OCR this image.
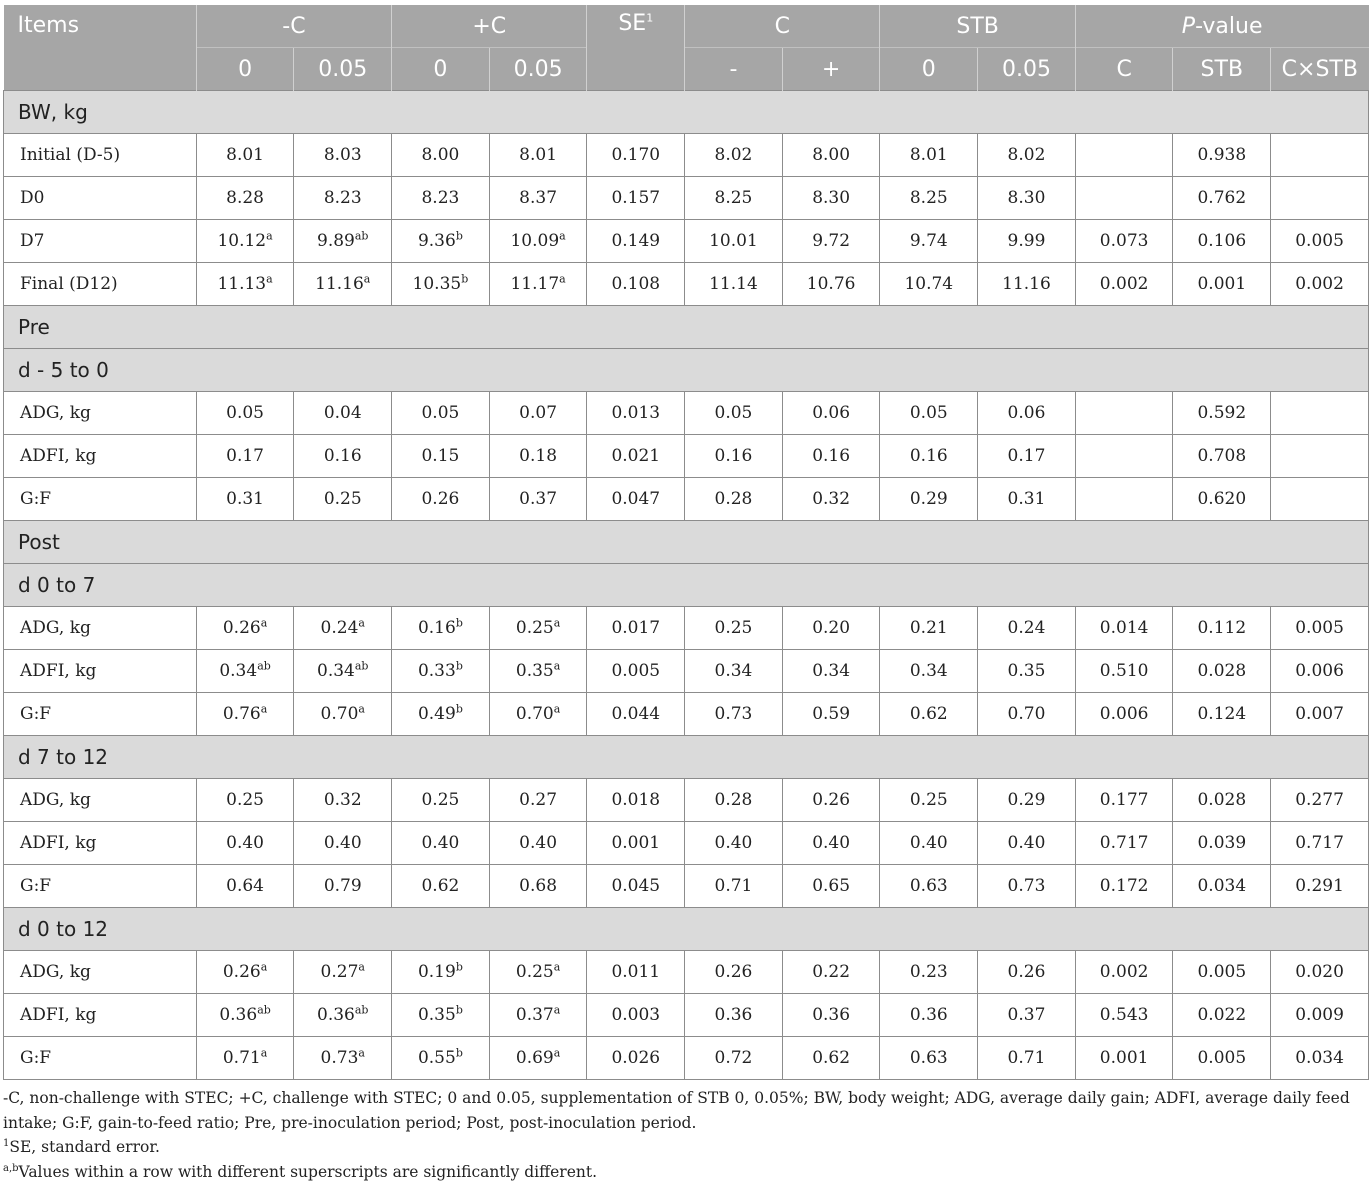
Items	-C		+C		$SE^1$	C		STB		P-value		
	0	0.05	0	0.05		-	+	0	0.05	C	STB	C×STB
BW, kg												
Initial (D-5)	8.01	8.03	8.00	8.01	0.170	8.02	8.00	8.01	8.02		0.938	
D0	8.28	8.23	8.23	8.37	0.157	8.25	8.30	8.25	8.30		0.762	
D7	10.12$^a$	9.89$^{ab}$	9.36$^b$	10.09$^a$	0.149	10.01	9.72	9.74	9.99	0.073	0.106	0.005
Final (D12)	11.13$^a$	11.16$^a$	10.35$^b$	11.17$^a$	0.108	11.14	10.76	10.74	11.16	0.002	0.001	0.002
Pre												
d - 5 to 0												
ADG, kg	0.05	0.04	0.05	0.07	0.013	0.05	0.06	0.05	0.06		0.592	
ADFI, kg	0.17	0.16	0.15	0.18	0.021	0.16	0.16	0.16	0.17		0.708	
G:F	0.31	0.25	0.26	0.37	0.047	0.28	0.32	0.29	0.31		0.620	
Post												
d 0 to 7												
ADG, kg	0.26$^a$	0.24$^a$	0.16$^b$	0.25$^a$	0.017	0.25	0.20	0.21	0.24	0.014	0.112	0.005
ADFI, kg	0.34$^{ab}$	0.34$^{ab}$	0.33$^b$	0.35$^a$	0.005	0.34	0.34	0.34	0.35	0.510	0.028	0.006
G:F	0.76$^a$	0.70$^a$	0.49$^b$	0.70$^a$	0.044	0.73	0.59	0.62	0.70	0.006	0.124	0.007
d 7 to 12												
ADG, kg	0.25	0.32	0.25	0.27	0.018	0.28	0.26	0.25	0.29	0.177	0.028	0.277
ADFI, kg	0.40	0.40	0.40	0.40	0.001	0.40	0.40	0.40	0.40	0.717	0.039	0.717
G:F	0.64	0.79	0.62	0.68	0.045	0.71	0.65	0.63	0.73	0.172	0.034	0.291
d 0 to 12												
ADG, kg	0.26$^a$	0.27$^a$	0.19$^b$	0.25$^a$	0.011	0.26	0.22	0.23	0.26	0.002	0.005	0.020
ADFI, kg	0.36$^{ab}$	0.36$^{ab}$	0.35$^b$	0.37$^a$	0.003	0.36	0.36	0.36	0.37	0.543	0.022	0.009
G:F	0.71$^a$	0.73$^a$	0.55$^b$	0.69$^a$	0.026	0.72	0.62	0.63	0.71	0.001	0.005	0.034

-C, non-challenge with STEC; +C, challenge with STEC; 0 and 0.05, supplementation of STB 0, 0.05%; BW, body weight; ADG, average daily gain; ADFI, average daily feed intake; G:F, gain-to-feed ratio; Pre, pre-inoculation period; Post, post-inoculation period.

$^1$SE, standard error.

$^{a,b}$Values within a row with different superscripts are significantly different.
